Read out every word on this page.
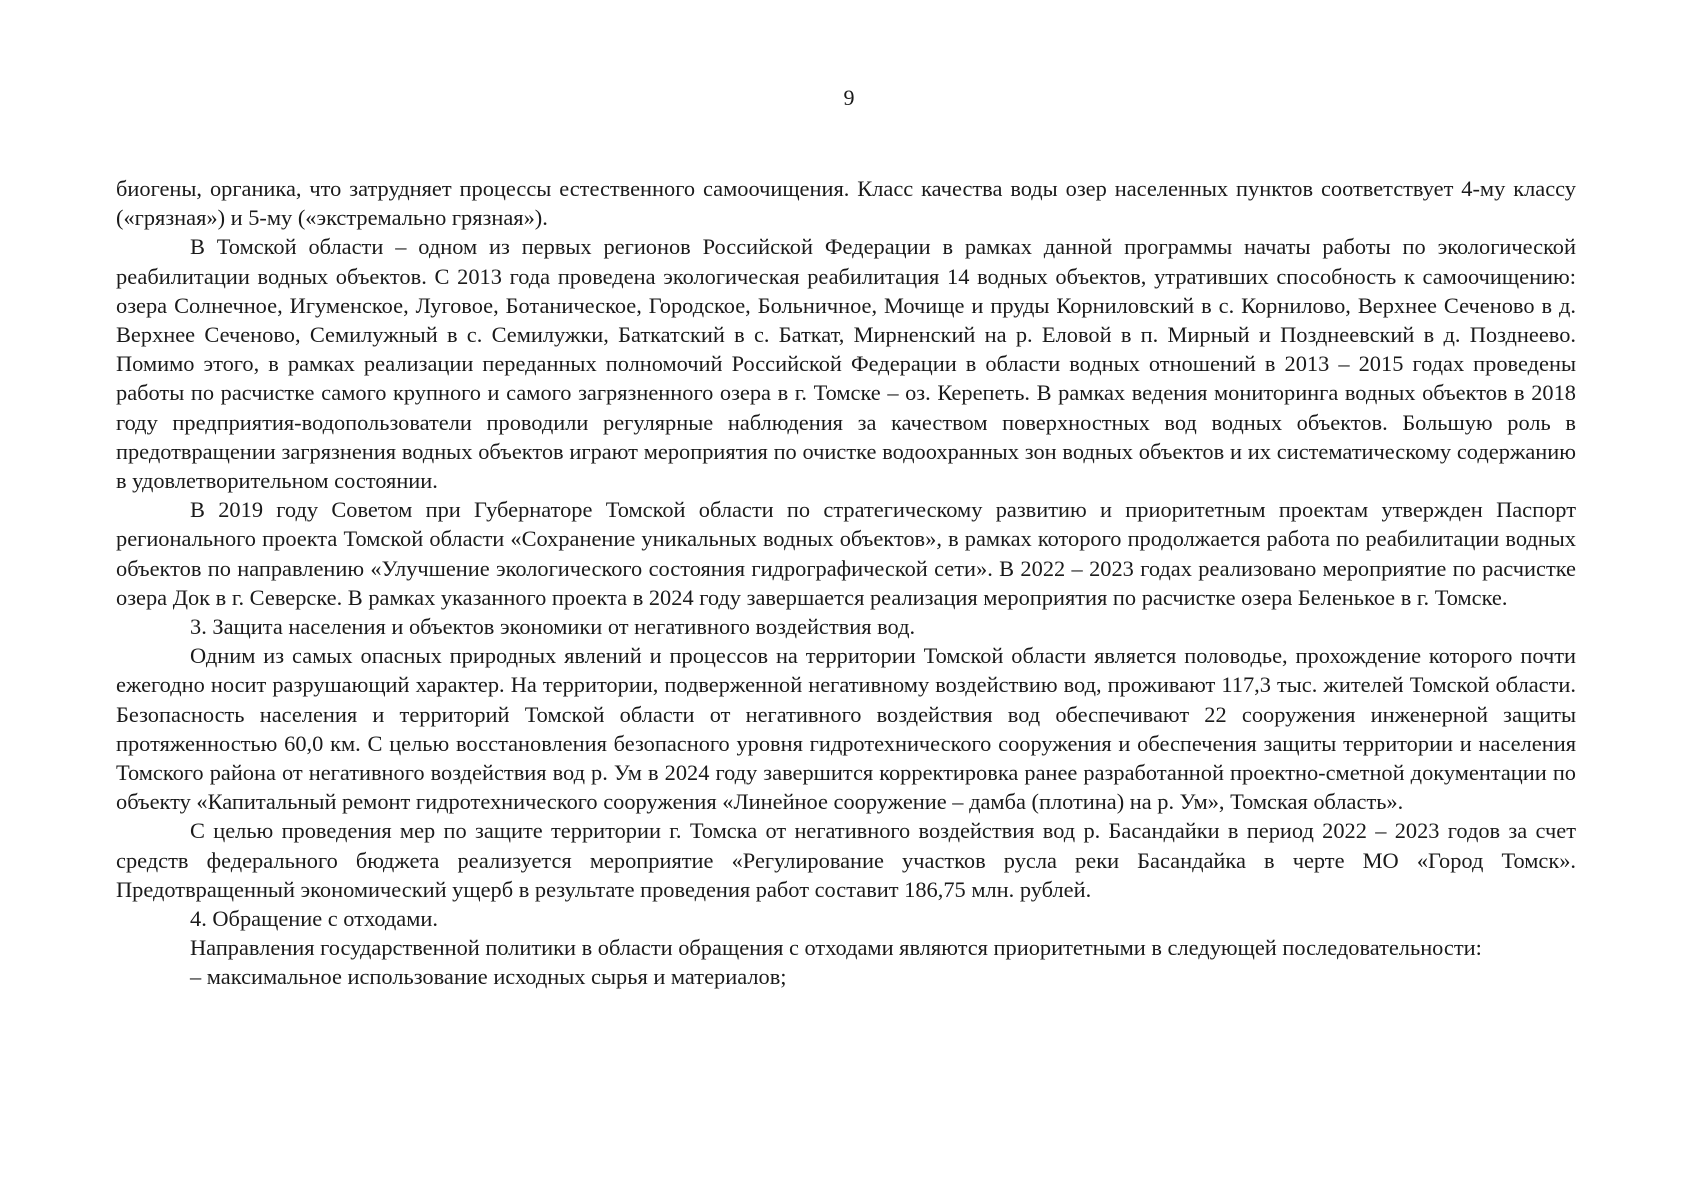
9

биогены, органика, что затрудняет процессы естественного самоочищения. Класс качества воды озер населенных пунктов соответствует 4-му классу («грязная») и 5-му («экстремально грязная»).

В Томской области – одном из первых регионов Российской Федерации в рамках данной программы начаты работы по экологической реабилитации водных объектов. С 2013 года проведена экологическая реабилитация 14 водных объектов, утративших способность к самоочищению: озера Солнечное, Игуменское, Луговое, Ботаническое, Городское, Больничное, Мочище и пруды Корниловский в с. Корнилово, Верхнее Сеченово в д. Верхнее Сеченово, Семилужный в с. Семилужки, Баткатский в с. Баткат, Мирненский на р. Еловой в п. Мирный и Позднеевский в д. Позднеево. Помимо этого, в рамках реализации переданных полномочий Российской Федерации в области водных отношений в 2013 – 2015 годах проведены работы по расчистке самого крупного и самого загрязненного озера в г. Томске – оз. Керепеть. В рамках ведения мониторинга водных объектов в 2018 году предприятия-водопользователи проводили регулярные наблюдения за качеством поверхностных вод водных объектов. Большую роль в предотвращении загрязнения водных объектов играют мероприятия по очистке водоохранных зон водных объектов и их систематическому содержанию в удовлетворительном состоянии.

В 2019 году Советом при Губернаторе Томской области по стратегическому развитию и приоритетным проектам утвержден Паспорт регионального проекта Томской области «Сохранение уникальных водных объектов», в рамках которого продолжается работа по реабилитации водных объектов по направлению «Улучшение экологического состояния гидрографической сети». В 2022 – 2023 годах реализовано мероприятие по расчистке озера Док в г. Северске. В рамках указанного проекта в 2024 году завершается реализация мероприятия по расчистке озера Беленькое в г. Томске.

3. Защита населения и объектов экономики от негативного воздействия вод.

Одним из самых опасных природных явлений и процессов на территории Томской области является половодье, прохождение которого почти ежегодно носит разрушающий характер. На территории, подверженной негативному воздействию вод, проживают 117,3 тыс. жителей Томской области. Безопасность населения и территорий Томской области от негативного воздействия вод обеспечивают 22 сооружения инженерной защиты протяженностью 60,0 км. С целью восстановления безопасного уровня гидротехнического сооружения и обеспечения защиты территории и населения Томского района от негативного воздействия вод р. Ум в 2024 году завершится корректировка ранее разработанной проектно-сметной документации по объекту «Капитальный ремонт гидротехнического сооружения «Линейное сооружение – дамба (плотина) на р. Ум», Томская область».

С целью проведения мер по защите территории г. Томска от негативного воздействия вод р. Басандайки в период 2022 – 2023 годов за счет средств федерального бюджета реализуется мероприятие «Регулирование участков русла реки Басандайка в черте МО «Город Томск». Предотвращенный экономический ущерб в результате проведения работ составит 186,75 млн. рублей.

4. Обращение с отходами.

Направления государственной политики в области обращения с отходами являются приоритетными в следующей последовательности:

– максимальное использование исходных сырья и материалов;
